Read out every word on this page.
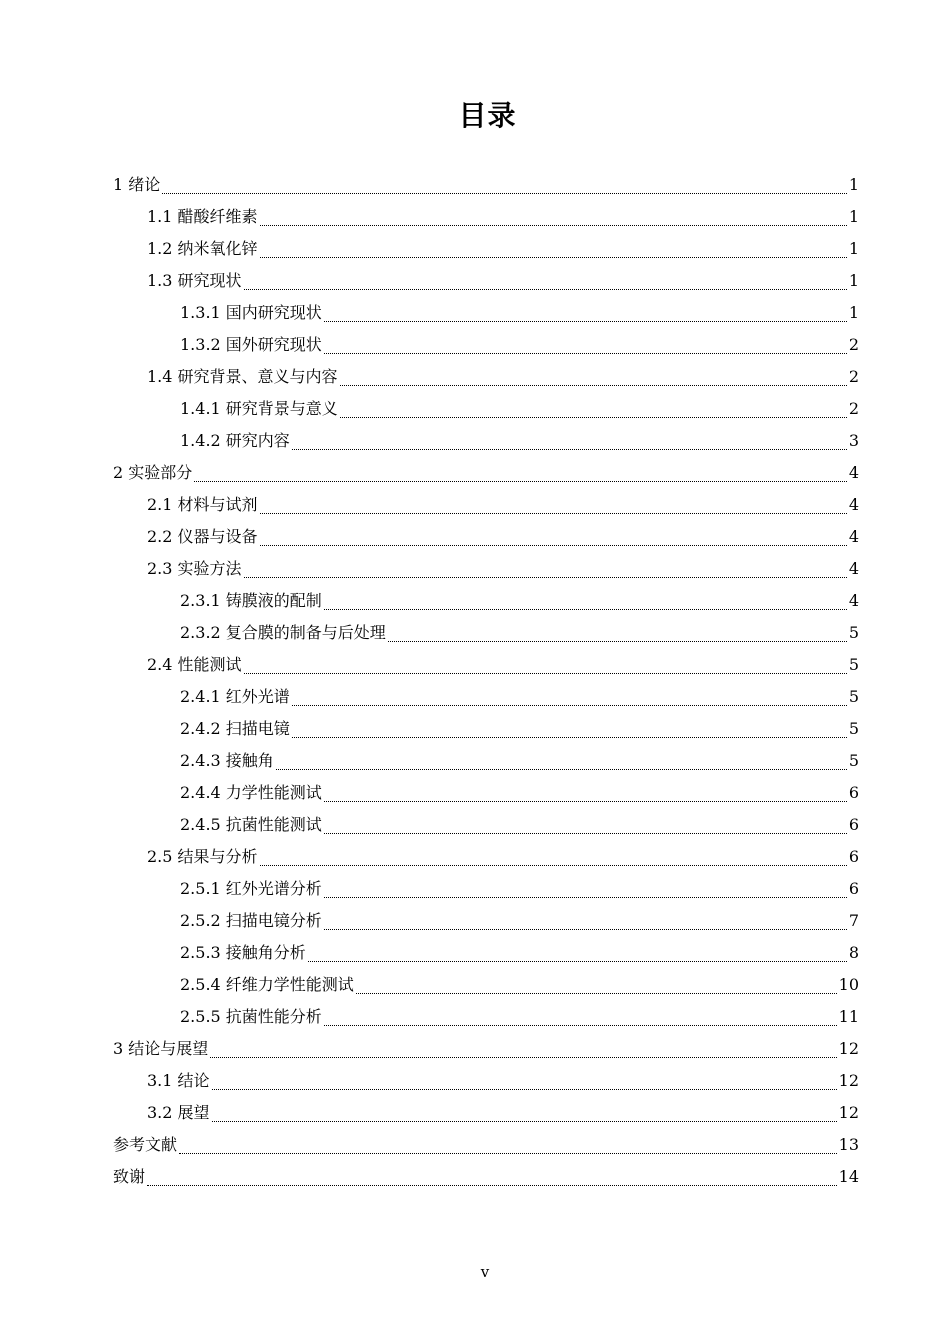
目录
1 绪论	1
1.1 醋酸纤维素	1
1.2 纳米氧化锌	1
1.3 研究现状	1
1.3.1 国内研究现状	1
1.3.2 国外研究现状	2
1.4 研究背景、意义与内容	2
1.4.1 研究背景与意义	2
1.4.2 研究内容	3
2 实验部分	4
2.1 材料与试剂	4
2.2 仪器与设备	4
2.3 实验方法	4
2.3.1 铸膜液的配制	4
2.3.2 复合膜的制备与后处理	5
2.4 性能测试	5
2.4.1 红外光谱	5
2.4.2 扫描电镜	5
2.4.3 接触角	5
2.4.4 力学性能测试	6
2.4.5 抗菌性能测试	6
2.5 结果与分析	6
2.5.1 红外光谱分析	6
2.5.2 扫描电镜分析	7
2.5.3 接触角分析	8
2.5.4 纤维力学性能测试	10
2.5.5 抗菌性能分析	11
3 结论与展望	12
3.1 结论	12
3.2 展望	12
参考文献	13
致谢	14
v
